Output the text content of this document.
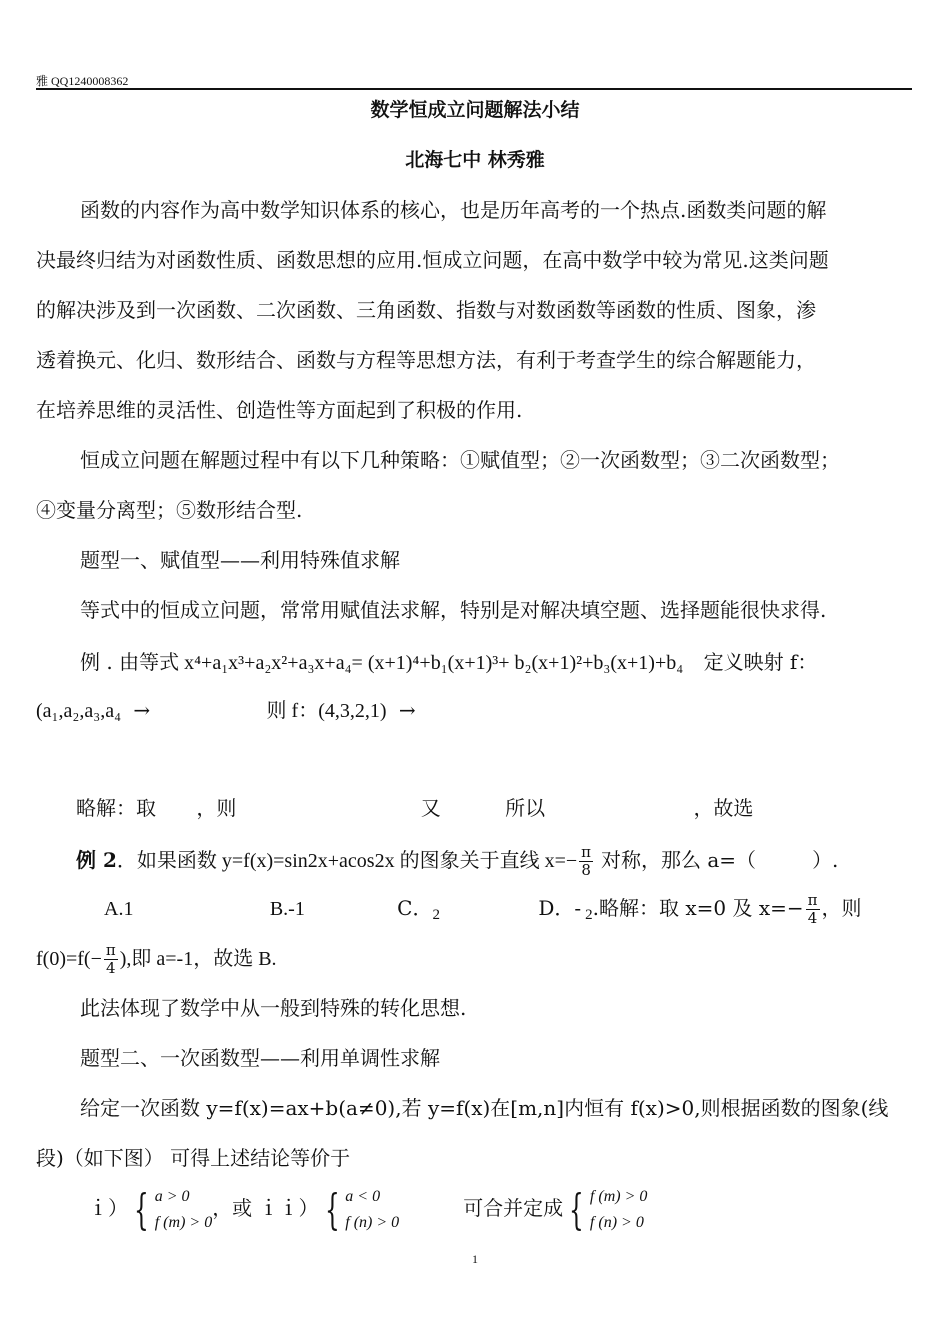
雅 QQ1240008362
数学恒成立问题解法小结
北海七中 林秀雅
函数的内容作为高中数学知识体系的核心，也是历年高考的一个热点.函数类问题的解
决最终归结为对函数性质、函数思想的应用.恒成立问题，在高中数学中较为常见.这类问题
的解决涉及到一次函数、二次函数、三角函数、指数与对数函数等函数的性质、图象，渗
透着换元、化归、数形结合、函数与方程等思想方法，有利于考查学生的综合解题能力，
在培养思维的灵活性、创造性等方面起到了积极的作用.
恒成立问题在解题过程中有以下几种策略：①赋值型；②一次函数型；③二次函数型；
④变量分离型；⑤数形结合型.
题型一、赋值型——利用特殊值求解
等式中的恒成立问题，常常用赋值法求解，特别是对解决填空题、选择题能很快求得.
例 . 由等式 x⁴+a₁x³+a₂x²+a₃x+a₄= (x+1)⁴+b₁(x+1)³+ b₂(x+1)²+b₃(x+1)+b₄ 定义映射 f：
(a₁,a₂,a₃,a₄ →	则 f：(4,3,2,1) →
略解：取 ，则	又	所以	，故选
例 2．如果函数 y=f(x)=sin2x+acos2x 的图象关于直线 $x=- \frac{\pi}{8}$ 对称，那么 a=（	）.
A.1	B.-1	C．$_2$	D．- $_2$.略解：取 x=0 及 $x=- \frac{\pi}{4}$ ，则
$f(0)=f(- \frac{\pi}{4}$ ),即 a=-1，故选 B.
此法体现了数学中从一般到特殊的转化思想.
题型二、一次函数型——利用单调性求解
给定一次函数 y=f(x)=ax+b(a≠0),若 y=f(x)在[m,n]内恒有 f(x)>0,则根据函数的图象(线
段)（如下图） 可得上述结论等价于
ｉ） { a > 0
f (m) > 0
，或 ｉｉ） { a < 0
f (n) > 0
可合并定成 { f (m) > 0
f (n) > 0
1
